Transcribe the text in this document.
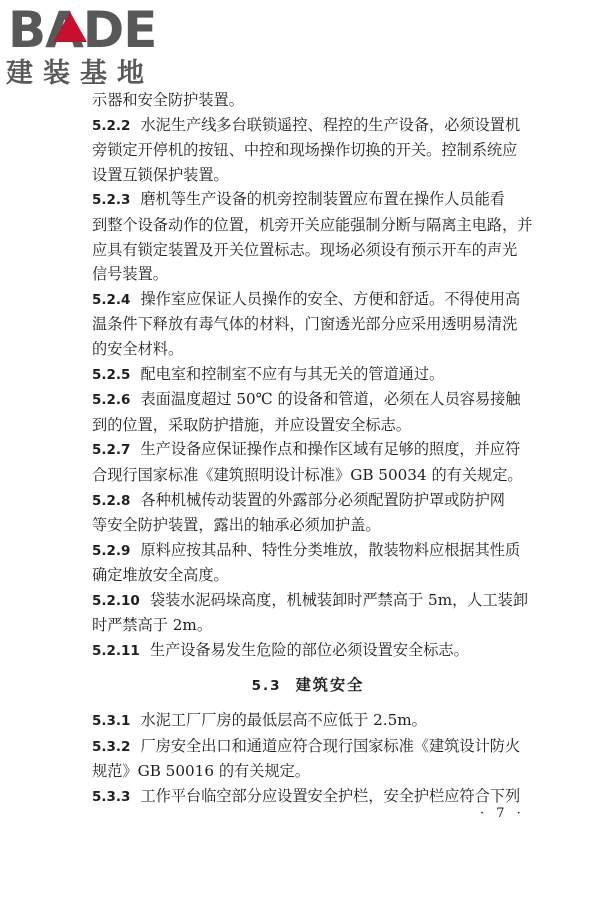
BADE
建装基地
示器和安全防护装置。
5.2.2 水泥生产线多台联锁遥控、程控的生产设备，必须设置机
旁锁定开停机的按钮、中控和现场操作切换的开关。控制系统应
设置互锁保护装置。
5.2.3 磨机等生产设备的机旁控制装置应布置在操作人员能看
到整个设备动作的位置，机旁开关应能强制分断与隔离主电路，并
应具有锁定装置及开关位置标志。现场必须设有预示开车的声光
信号装置。
5.2.4 操作室应保证人员操作的安全、方便和舒适。不得使用高
温条件下释放有毒气体的材料，门窗透光部分应采用透明易清洗
的安全材料。
5.2.5 配电室和控制室不应有与其无关的管道通过。
5.2.6 表面温度超过 50℃ 的设备和管道，必须在人员容易接触
到的位置，采取防护措施，并应设置安全标志。
5.2.7 生产设备应保证操作点和操作区域有足够的照度，并应符
合现行国家标准《建筑照明设计标准》GB 50034 的有关规定。
5.2.8 各种机械传动装置的外露部分必须配置防护罩或防护网
等安全防护装置，露出的轴承必须加护盖。
5.2.9 原料应按其品种、特性分类堆放，散装物料应根据其性质
确定堆放安全高度。
5.2.10 袋装水泥码垛高度，机械装卸时严禁高于 5m，人工装卸
时严禁高于 2m。
5.2.11 生产设备易发生危险的部位必须设置安全标志。
5.3 建筑安全
5.3.1 水泥工厂厂房的最低层高不应低于 2.5m。
5.3.2 厂房安全出口和通道应符合现行国家标准《建筑设计防火
规范》GB 50016 的有关规定。
5.3.3 工作平台临空部分应设置安全护栏，安全护栏应符合下列
· 7 ·
